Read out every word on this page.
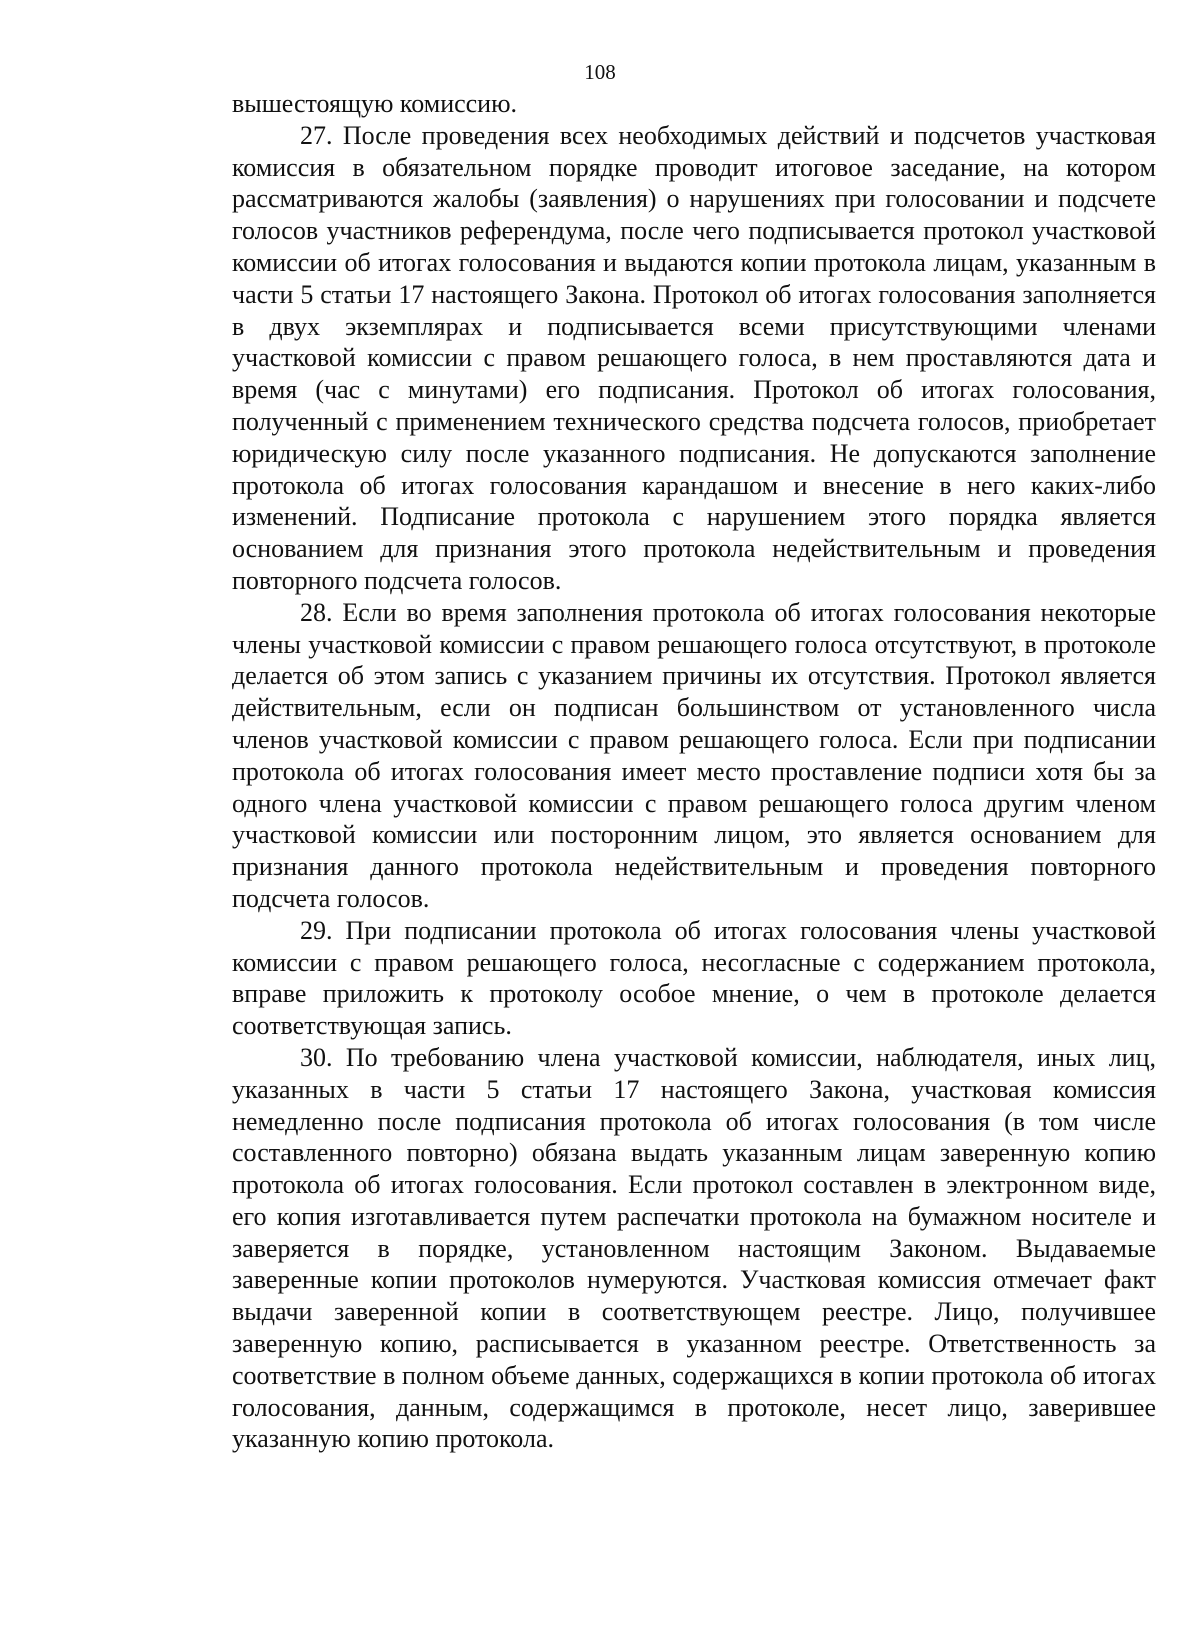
108

вышестоящую комиссию.

27. После проведения всех необходимых действий и подсчетов участковая комиссия в обязательном порядке проводит итоговое заседание, на котором рассматриваются жалобы (заявления) о нарушениях при голосовании и подсчете голосов участников референдума, после чего подписывается протокол участковой комиссии об итогах голосования и выдаются копии протокола лицам, указанным в части 5 статьи 17 настоящего Закона. Протокол об итогах голосования заполняется в двух экземплярах и подписывается всеми присутствующими членами участковой комиссии с правом решающего голоса, в нем проставляются дата и время (час с минутами) его подписания. Протокол об итогах голосования, полученный с применением технического средства подсчета голосов, приобретает юридическую силу после указанного подписания. Не допускаются заполнение протокола об итогах голосования карандашом и внесение в него каких-либо изменений. Подписание протокола с нарушением этого порядка является основанием для признания этого протокола недействительным и проведения повторного подсчета голосов.

28. Если во время заполнения протокола об итогах голосования некоторые члены участковой комиссии с правом решающего голоса отсутствуют, в протоколе делается об этом запись с указанием причины их отсутствия. Протокол является действительным, если он подписан большинством от установленного числа членов участковой комиссии с правом решающего голоса. Если при подписании протокола об итогах голосования имеет место проставление подписи хотя бы за одного члена участковой комиссии с правом решающего голоса другим членом участковой комиссии или посторонним лицом, это является основанием для признания данного протокола недействительным и проведения повторного подсчета голосов.

29. При подписании протокола об итогах голосования члены участковой комиссии с правом решающего голоса, несогласные с содержанием протокола, вправе приложить к протоколу особое мнение, о чем в протоколе делается соответствующая запись.

30. По требованию члена участковой комиссии, наблюдателя, иных лиц, указанных в части 5 статьи 17 настоящего Закона, участковая комиссия немедленно после подписания протокола об итогах голосования (в том числе составленного повторно) обязана выдать указанным лицам заверенную копию протокола об итогах голосования. Если протокол составлен в электронном виде, его копия изготавливается путем распечатки протокола на бумажном носителе и заверяется в порядке, установленном настоящим Законом. Выдаваемые заверенные копии протоколов нумеруются. Участковая комиссия отмечает факт выдачи заверенной копии в соответствующем реестре. Лицо, получившее заверенную копию, расписывается в указанном реестре. Ответственность за соответствие в полном объеме данных, содержащихся в копии протокола об итогах голосования, данным, содержащимся в протоколе, несет лицо, заверившее указанную копию протокола.
